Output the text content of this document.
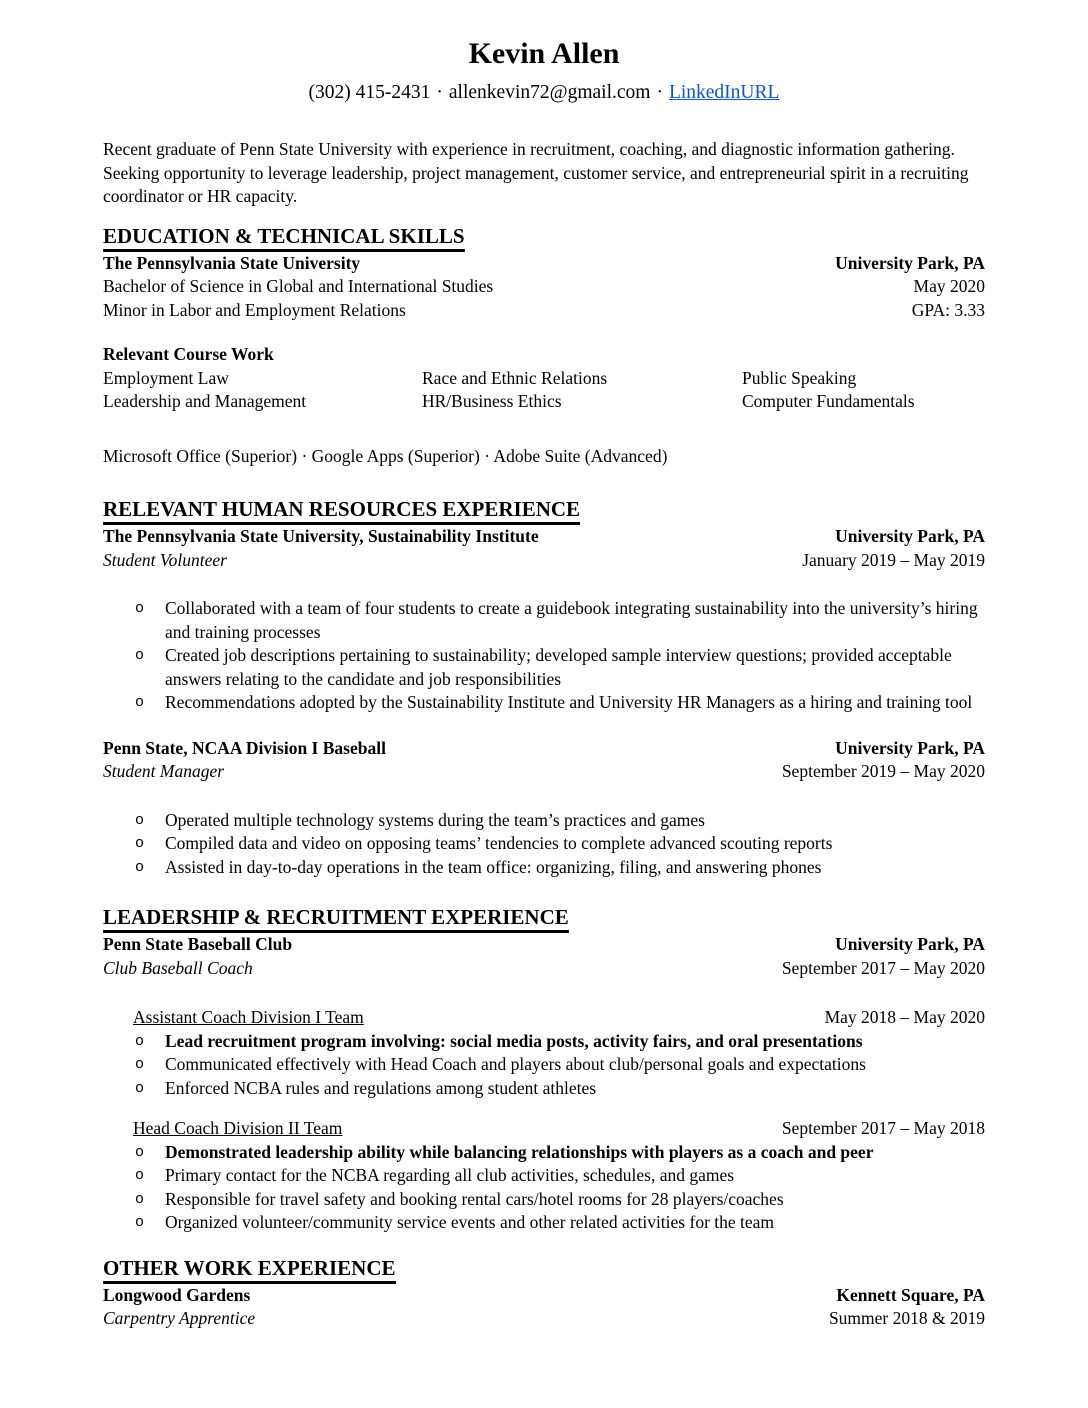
Kevin Allen
(302) 415-2431 · allenkevin72@gmail.com · LinkedInURL
Recent graduate of Penn State University with experience in recruitment, coaching, and diagnostic information gathering. Seeking opportunity to leverage leadership, project management, customer service, and entrepreneurial spirit in a recruiting coordinator or HR capacity.
EDUCATION & TECHNICAL SKILLS
The Pennsylvania State University	University Park, PA
Bachelor of Science in Global and International Studies	May 2020
Minor in Labor and Employment Relations	GPA: 3.33
Relevant Course Work
Employment Law	Race and Ethnic Relations	Public Speaking
Leadership and Management	HR/Business Ethics	Computer Fundamentals
Microsoft Office (Superior) · Google Apps (Superior) · Adobe Suite (Advanced)
RELEVANT HUMAN RESOURCES EXPERIENCE
The Pennsylvania State University, Sustainability Institute	University Park, PA
Student Volunteer	January 2019 – May 2019
o	Collaborated with a team of four students to create a guidebook integrating sustainability into the university’s hiring and training processes
o	Created job descriptions pertaining to sustainability; developed sample interview questions; provided acceptable answers relating to the candidate and job responsibilities
o	Recommendations adopted by the Sustainability Institute and University HR Managers as a hiring and training tool
Penn State, NCAA Division I Baseball	University Park, PA
Student Manager	September 2019 – May 2020
o	Operated multiple technology systems during the team’s practices and games
o	Compiled data and video on opposing teams’ tendencies to complete advanced scouting reports
o	Assisted in day-to-day operations in the team office: organizing, filing, and answering phones
LEADERSHIP & RECRUITMENT EXPERIENCE
Penn State Baseball Club	University Park, PA
Club Baseball Coach	September 2017 – May 2020
Assistant Coach Division I Team	May 2018 – May 2020
o	Lead recruitment program involving: social media posts, activity fairs, and oral presentations
o	Communicated effectively with Head Coach and players about club/personal goals and expectations
o	Enforced NCBA rules and regulations among student athletes
Head Coach Division II Team	September 2017 – May 2018
o	Demonstrated leadership ability while balancing relationships with players as a coach and peer
o	Primary contact for the NCBA regarding all club activities, schedules, and games
o	Responsible for travel safety and booking rental cars/hotel rooms for 28 players/coaches
o	Organized volunteer/community service events and other related activities for the team
OTHER WORK EXPERIENCE
Longwood Gardens	Kennett Square, PA
Carpentry Apprentice	Summer 2018 & 2019
